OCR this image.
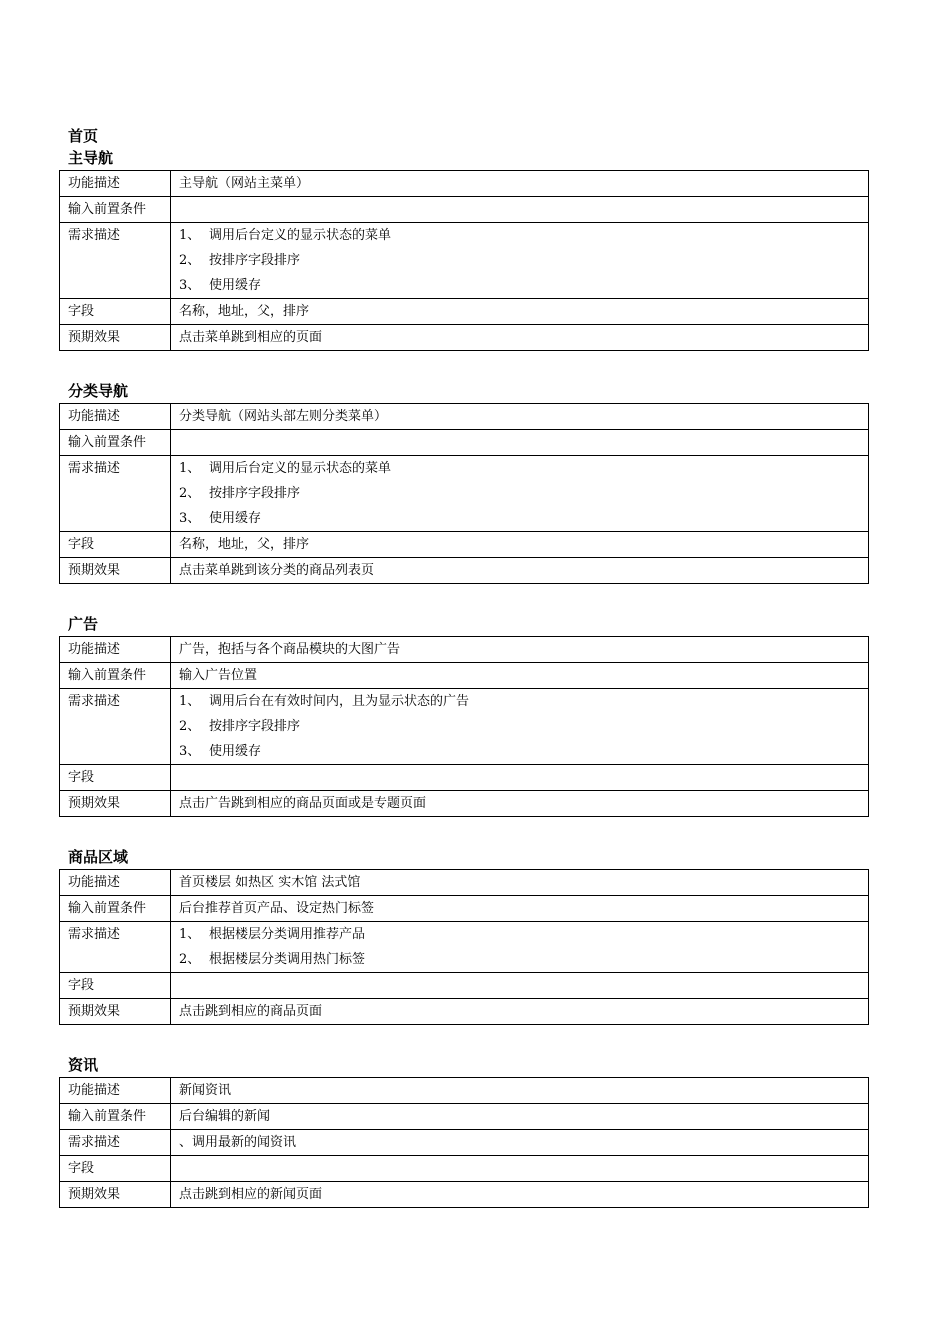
首页
主导航
功能描述	主导航（网站主菜单）
输入前置条件	
需求描述	1、 调用后台定义的显示状态的菜单
2、 按排序字段排序
3、 使用缓存

字段	名称，地址，父，排序
预期效果	点击菜单跳到相应的页面
分类导航
功能描述	分类导航（网站头部左则分类菜单）
输入前置条件	
需求描述	1、 调用后台定义的显示状态的菜单
2、 按排序字段排序
3、 使用缓存

字段	名称，地址，父，排序
预期效果	点击菜单跳到该分类的商品列表页
广告
功能描述	广告，抱括与各个商品模块的大图广告
输入前置条件	输入广告位置
需求描述	1、 调用后台在有效时间内，且为显示状态的广告
2、 按排序字段排序
3、 使用缓存

字段	
预期效果	点击广告跳到相应的商品页面或是专题页面
商品区域
功能描述	首页楼层 如热区 实木馆 法式馆
输入前置条件	后台推荐首页产品、设定热门标签
需求描述	1、 根据楼层分类调用推荐产品
2、 根据楼层分类调用热门标签

字段	
预期效果	点击跳到相应的商品页面
资讯
功能描述	新闻资讯
输入前置条件	后台编辑的新闻
需求描述	、调用最新的闻资讯
字段	
预期效果	点击跳到相应的新闻页面
